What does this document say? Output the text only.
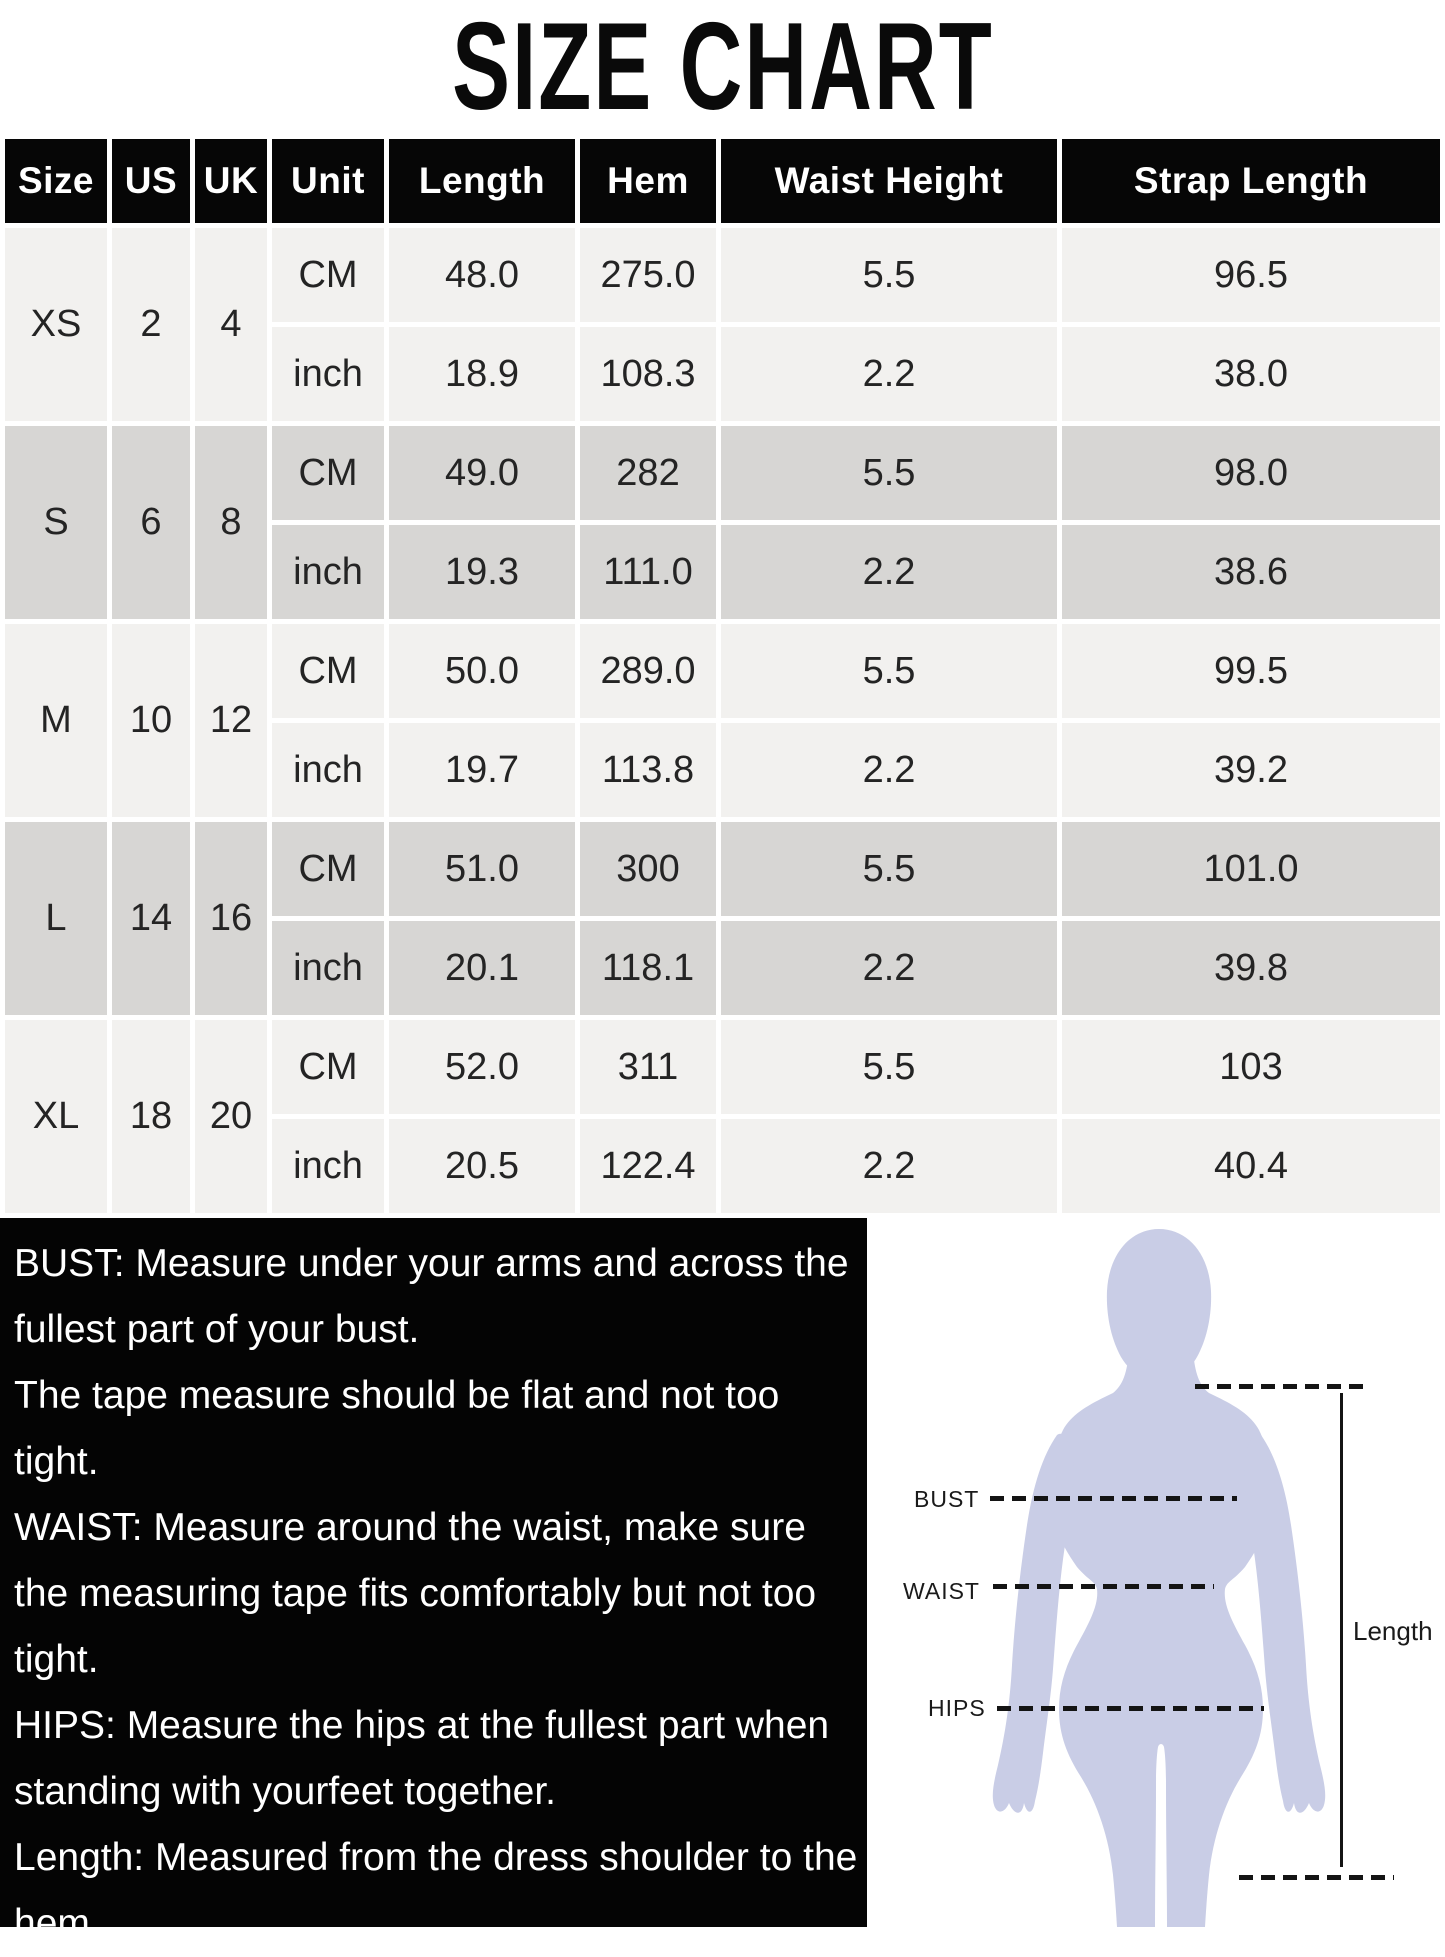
SIZE CHART
Size	US	UK	Unit	Length	Hem	Waist Height	Strap Length
XS	2	4	CM	48.0	275.0	5.5	96.5
			inch	18.9	108.3	2.2	38.0
S	6	8	CM	49.0	282	5.5	98.0
			inch	19.3	111.0	2.2	38.6
M	10	12	CM	50.0	289.0	5.5	99.5
			inch	19.7	113.8	2.2	39.2
L	14	16	CM	51.0	300	5.5	101.0
			inch	20.1	118.1	2.2	39.8
XL	18	20	CM	52.0	311	5.5	103
			inch	20.5	122.4	2.2	40.4

BUST: Measure under your arms and across the fullest part of your bust.

The tape measure should be flat and not too tight.

WAIST: Measure around the waist, make sure the measuring tape fits comfortably but not too tight.

HIPS: Measure the hips at the fullest part when standing with yourfeet together.

Length: Measured from the dress shoulder to the hem.

BUST
WAIST
Length
HIPS
